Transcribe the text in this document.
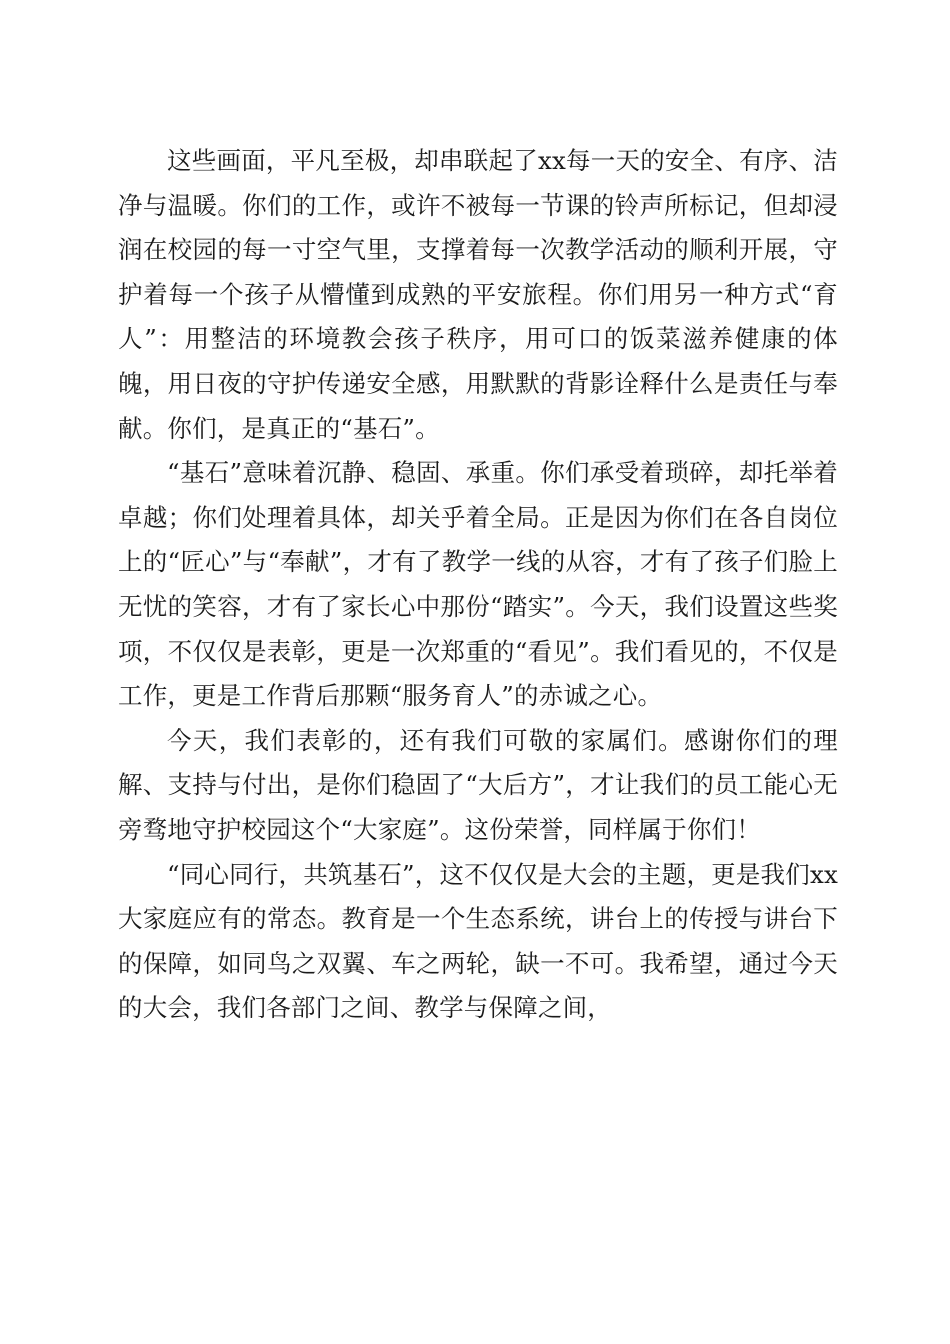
这些画面，平凡至极，却串联起了xx每一天的安全、有序、洁净与温暖。你们的工作，或许不被每一节课的铃声所标记，但却浸润在校园的每一寸空气里，支撑着每一次教学活动的顺利开展，守护着每一个孩子从懵懂到成熟的平安旅程。你们用另一种方式“育人”：用整洁的环境教会孩子秩序，用可口的饭菜滋养健康的体魄，用日夜的守护传递安全感，用默默的背影诠释什么是责任与奉献。你们，是真正的“基石”。

“基石”意味着沉静、稳固、承重。你们承受着琐碎，却托举着卓越；你们处理着具体，却关乎着全局。正是因为你们在各自岗位上的“匠心”与“奉献”，才有了教学一线的从容，才有了孩子们脸上无忧的笑容，才有了家长心中那份“踏实”。今天，我们设置这些奖项，不仅仅是表彰，更是一次郑重的“看见”。我们看见的，不仅是工作，更是工作背后那颗“服务育人”的赤诚之心。

今天，我们表彰的，还有我们可敬的家属们。感谢你们的理解、支持与付出，是你们稳固了“大后方”，才让我们的员工能心无旁骛地守护校园这个“大家庭”。这份荣誉，同样属于你们！

“同心同行，共筑基石”，这不仅仅是大会的主题，更是我们xx大家庭应有的常态。教育是一个生态系统，讲台上的传授与讲台下的保障，如同鸟之双翼、车之两轮，缺一不可。我希望，通过今天的大会，我们各部门之间、教学与保障之间，
